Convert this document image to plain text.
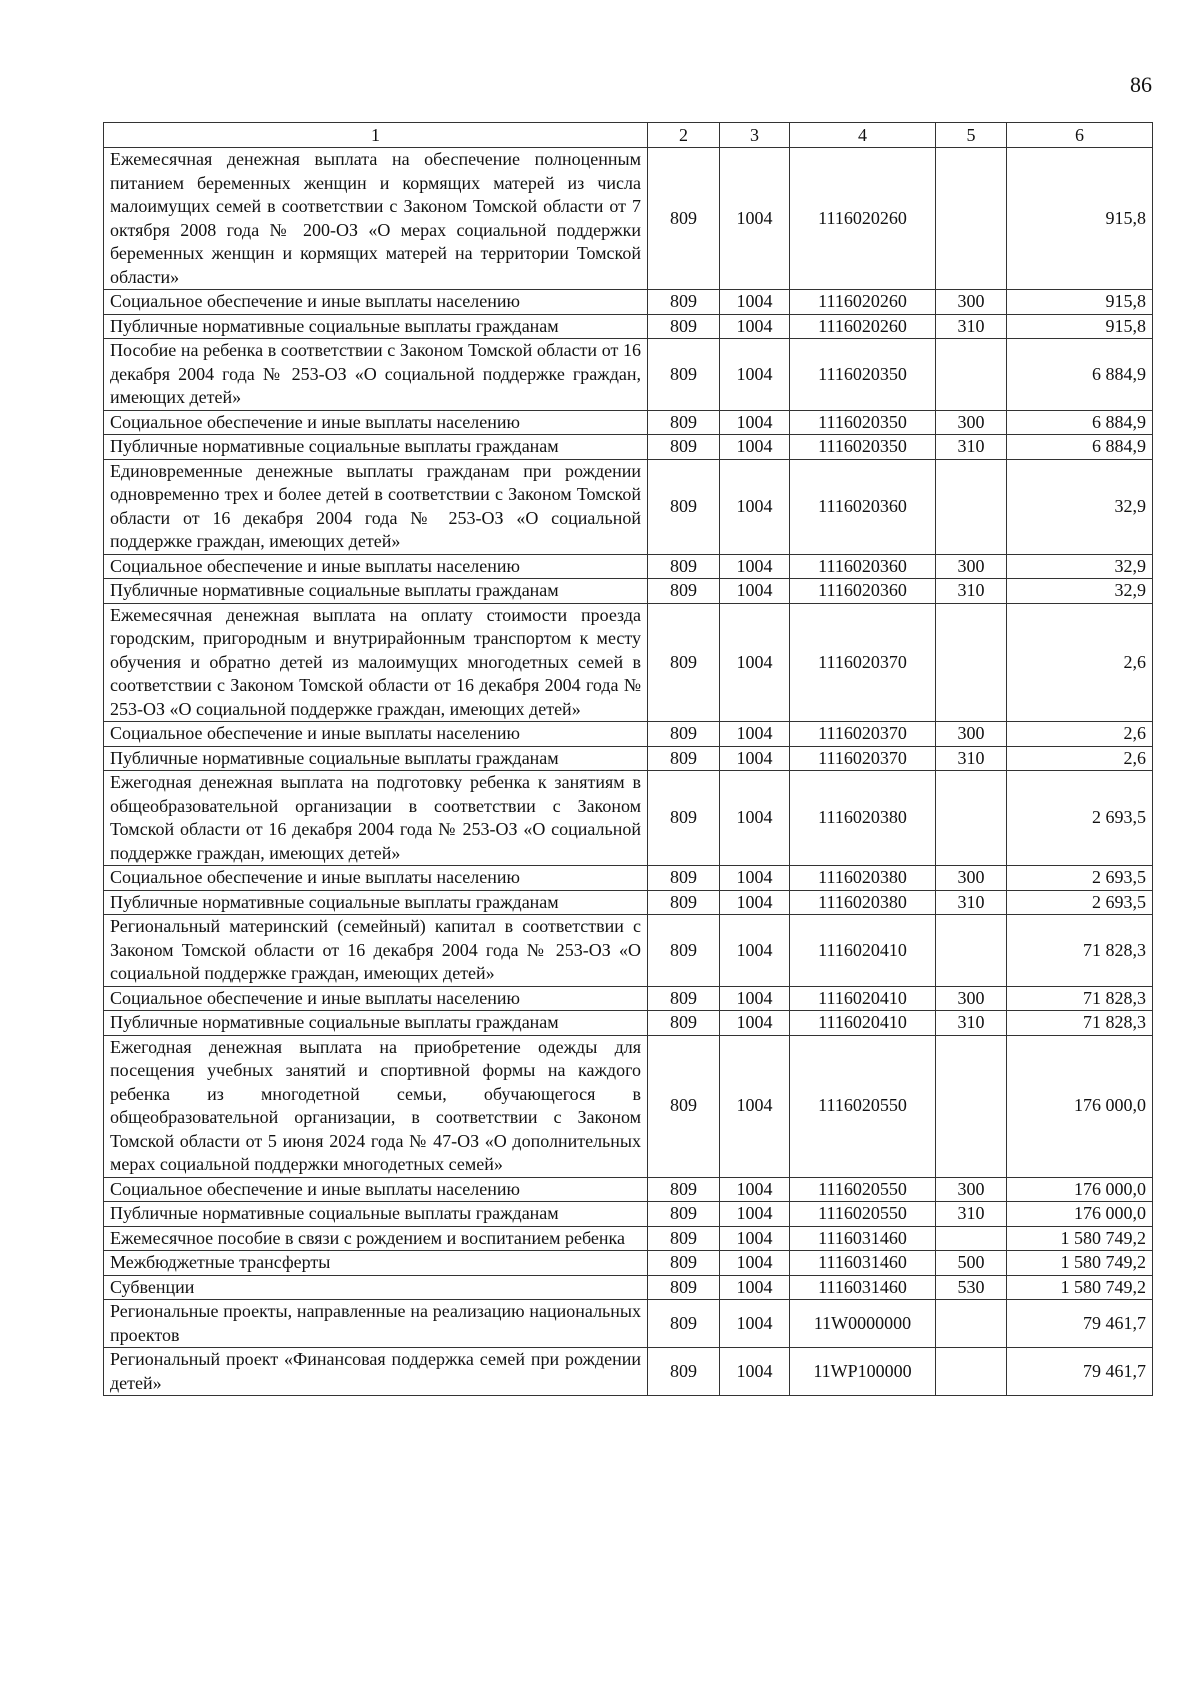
86
1	2	3	4	5	6
Ежемесячная денежная выплата на обеспечение полноценным питанием беременных женщин и кормящих матерей из числа малоимущих семей в соответствии с Законом Томской области от 7 октября 2008 года № 200-ОЗ «О мерах социальной поддержки беременных женщин и кормящих матерей на территории Томской области»	809	1004	1116020260		915,8
Социальное обеспечение и иные выплаты населению	809	1004	1116020260	300	915,8
Публичные нормативные социальные выплаты гражданам	809	1004	1116020260	310	915,8
Пособие на ребенка в соответствии с Законом Томской области от 16 декабря 2004 года № 253-ОЗ «О социальной поддержке граждан, имеющих детей»	809	1004	1116020350		6 884,9
Социальное обеспечение и иные выплаты населению	809	1004	1116020350	300	6 884,9
Публичные нормативные социальные выплаты гражданам	809	1004	1116020350	310	6 884,9
Единовременные денежные выплаты гражданам при рождении одновременно трех и более детей в соответствии с Законом Томской области от 16 декабря 2004 года № 253-ОЗ «О социальной поддержке граждан, имеющих детей»	809	1004	1116020360		32,9
Социальное обеспечение и иные выплаты населению	809	1004	1116020360	300	32,9
Публичные нормативные социальные выплаты гражданам	809	1004	1116020360	310	32,9
Ежемесячная денежная выплата на оплату стоимости проезда городским, пригородным и внутрирайонным транспортом к месту обучения и обратно детей из малоимущих многодетных семей в соответствии с Законом Томской области от 16 декабря 2004 года № 253-ОЗ «О социальной поддержке граждан, имеющих детей»	809	1004	1116020370		2,6
Социальное обеспечение и иные выплаты населению	809	1004	1116020370	300	2,6
Публичные нормативные социальные выплаты гражданам	809	1004	1116020370	310	2,6
Ежегодная денежная выплата на подготовку ребенка к занятиям в общеобразовательной организации в соответствии с Законом Томской области от 16 декабря 2004 года № 253-ОЗ «О социальной поддержке граждан, имеющих детей»	809	1004	1116020380		2 693,5
Социальное обеспечение и иные выплаты населению	809	1004	1116020380	300	2 693,5
Публичные нормативные социальные выплаты гражданам	809	1004	1116020380	310	2 693,5
Региональный материнский (семейный) капитал в соответствии с Законом Томской области от 16 декабря 2004 года № 253-ОЗ «О социальной поддержке граждан, имеющих детей»	809	1004	1116020410		71 828,3
Социальное обеспечение и иные выплаты населению	809	1004	1116020410	300	71 828,3
Публичные нормативные социальные выплаты гражданам	809	1004	1116020410	310	71 828,3
Ежегодная денежная выплата на приобретение одежды для посещения учебных занятий и спортивной формы на каждого ребенка из многодетной семьи, обучающегося в общеобразовательной организации, в соответствии с Законом Томской области от 5 июня 2024 года № 47-ОЗ «О дополнительных мерах социальной поддержки многодетных семей»	809	1004	1116020550		176 000,0
Социальное обеспечение и иные выплаты населению	809	1004	1116020550	300	176 000,0
Публичные нормативные социальные выплаты гражданам	809	1004	1116020550	310	176 000,0
Ежемесячное пособие в связи с рождением и воспитанием ребенка	809	1004	1116031460		1 580 749,2
Межбюджетные трансферты	809	1004	1116031460	500	1 580 749,2
Субвенции	809	1004	1116031460	530	1 580 749,2
Региональные проекты, направленные на реализацию национальных проектов	809	1004	11W0000000		79 461,7
Региональный проект «Финансовая поддержка семей при рождении детей»	809	1004	11WP100000		79 461,7
